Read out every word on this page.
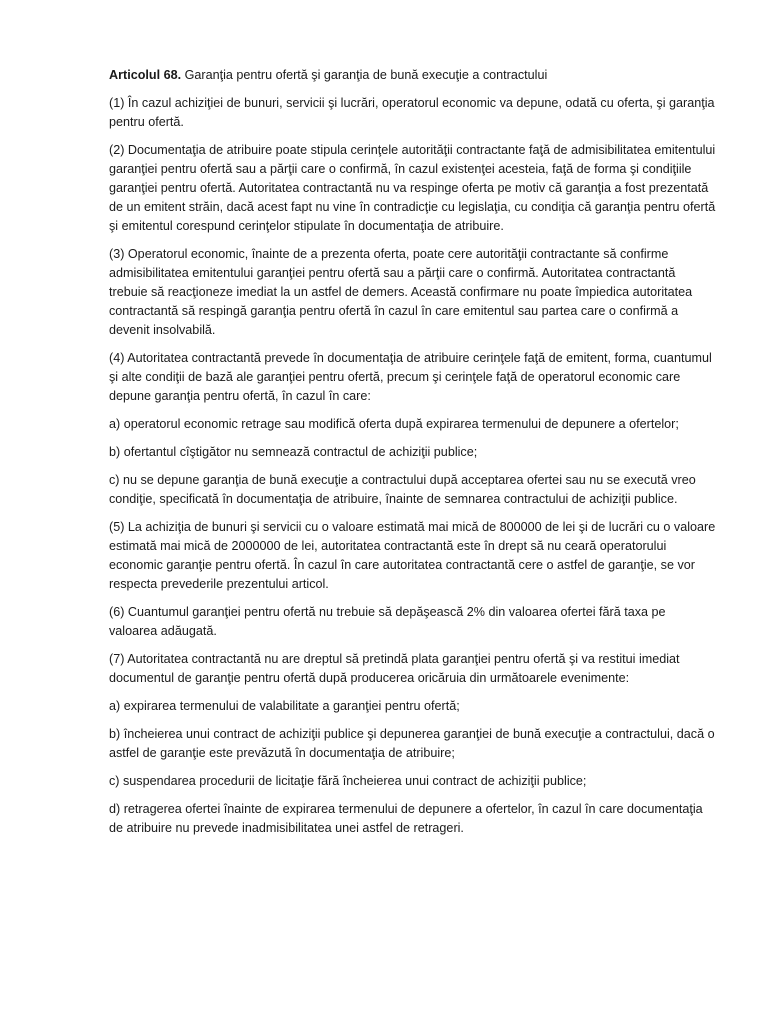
Articolul 68. Garanţia pentru ofertă şi garanţia de bună execuţie a contractului

(1) În cazul achiziţiei de bunuri, servicii şi lucrări, operatorul economic va depune, odată cu oferta, şi garanţia pentru ofertă.

(2) Documentaţia de atribuire poate stipula cerinţele autorităţii contractante faţă de admisibilitatea emitentului garanţiei pentru ofertă sau a părţii care o confirmă, în cazul existenţei acesteia, faţă de forma şi condiţiile garanţiei pentru ofertă. Autoritatea contractantă nu va respinge oferta pe motiv că garanţia a fost prezentată de un emitent străin, dacă acest fapt nu vine în contradicţie cu legislaţia, cu condiţia că garanţia pentru ofertă şi emitentul corespund cerinţelor stipulate în documentaţia de atribuire.

(3) Operatorul economic, înainte de a prezenta oferta, poate cere autorităţii contractante să confirme admisibilitatea emitentului garanţiei pentru ofertă sau a părţii care o confirmă. Autoritatea contractantă trebuie să reacţioneze imediat la un astfel de demers. Această confirmare nu poate împiedica autoritatea contractantă să respingă garanţia pentru ofertă în cazul în care emitentul sau partea care o confirmă a devenit insolvabilă.

(4) Autoritatea contractantă prevede în documentaţia de atribuire cerinţele faţă de emitent, forma, cuantumul şi alte condiţii de bază ale garanţiei pentru ofertă, precum şi cerinţele faţă de operatorul economic care depune garanţia pentru ofertă, în cazul în care:

a) operatorul economic retrage sau modifică oferta după expirarea termenului de depunere a ofertelor;

b) ofertantul cîştigător nu semnează contractul de achiziţii publice;

c) nu se depune garanţia de bună execuţie a contractului după acceptarea ofertei sau nu se execută vreo condiţie, specificată în documentaţia de atribuire, înainte de semnarea contractului de achiziţii publice.

(5) La achiziţia de bunuri şi servicii cu o valoare estimată mai mică de 800000 de lei şi de lucrări cu o valoare estimată mai mică de 2000000 de lei, autoritatea contractantă este în drept să nu ceară operatorului economic garanţie pentru ofertă. În cazul în care autoritatea contractantă cere o astfel de garanţie, se vor respecta prevederile prezentului articol.

(6) Cuantumul garanţiei pentru ofertă nu trebuie să depăşească 2% din valoarea ofertei fără taxa pe valoarea adăugată.

(7) Autoritatea contractantă nu are dreptul să pretindă plata garanţiei pentru ofertă şi va restitui imediat documentul de garanţie pentru ofertă după producerea oricăruia din următoarele evenimente:

a) expirarea termenului de valabilitate a garanţiei pentru ofertă;

b) încheierea unui contract de achiziţii publice şi depunerea garanţiei de bună execuţie a contractului, dacă o astfel de garanţie este prevăzută în documentaţia de atribuire;

c) suspendarea procedurii de licitaţie fără încheierea unui contract de achiziţii publice;

d) retragerea ofertei înainte de expirarea termenului de depunere a ofertelor, în cazul în care documentaţia de atribuire nu prevede inadmisibilitatea unei astfel de retrageri.
